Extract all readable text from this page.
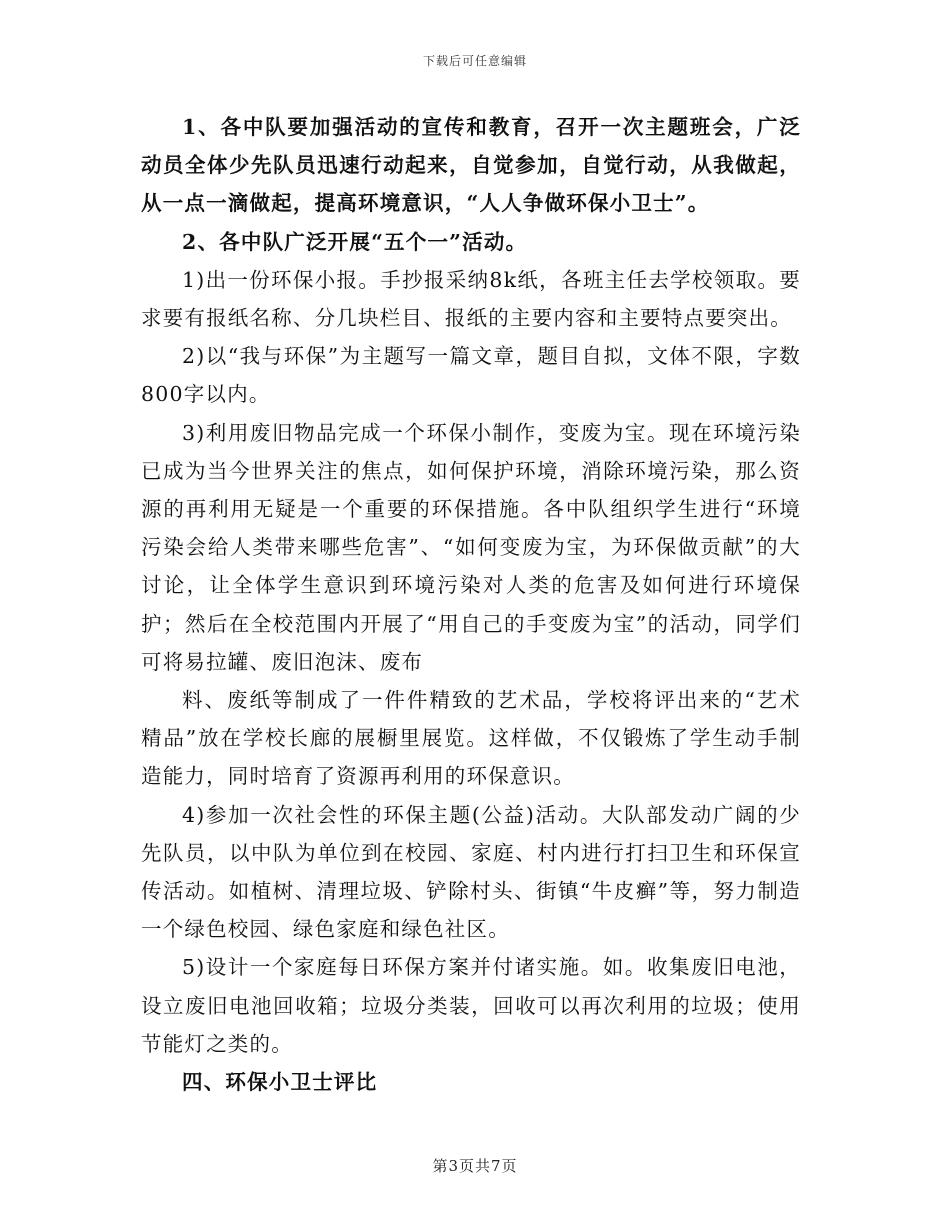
下载后可任意编辑

1、各中队要加强活动的宣传和教育，召开一次主题班会，广泛动员全体少先队员迅速行动起来，自觉参加，自觉行动，从我做起，从一点一滴做起，提高环境意识，“人人争做环保小卫士”。

2、各中队广泛开展“五个一”活动。

1)出一份环保小报。手抄报采纳8k纸，各班主任去学校领取。要求要有报纸名称、分几块栏目、报纸的主要内容和主要特点要突出。

2)以“我与环保”为主题写一篇文章，题目自拟，文体不限，字数800字以内。

3)利用废旧物品完成一个环保小制作，变废为宝。现在环境污染已成为当今世界关注的焦点，如何保护环境，消除环境污染，那么资源的再利用无疑是一个重要的环保措施。各中队组织学生进行“环境污染会给人类带来哪些危害”、“如何变废为宝，为环保做贡献”的大讨论，让全体学生意识到环境污染对人类的危害及如何进行环境保护；然后在全校范围内开展了“用自己的手变废为宝”的活动，同学们可将易拉罐、废旧泡沫、废布

料、废纸等制成了一件件精致的艺术品，学校将评出来的“艺术精品”放在学校长廊的展橱里展览。这样做，不仅锻炼了学生动手制造能力，同时培育了资源再利用的环保意识。

4)参加一次社会性的环保主题(公益)活动。大队部发动广阔的少先队员，以中队为单位到在校园、家庭、村内进行打扫卫生和环保宣传活动。如植树、清理垃圾、铲除村头、街镇“牛皮癣”等，努力制造一个绿色校园、绿色家庭和绿色社区。

5)设计一个家庭每日环保方案并付诸实施。如。收集废旧电池，设立废旧电池回收箱；垃圾分类装，回收可以再次利用的垃圾；使用节能灯之类的。

四、环保小卫士评比

第3页共7页
